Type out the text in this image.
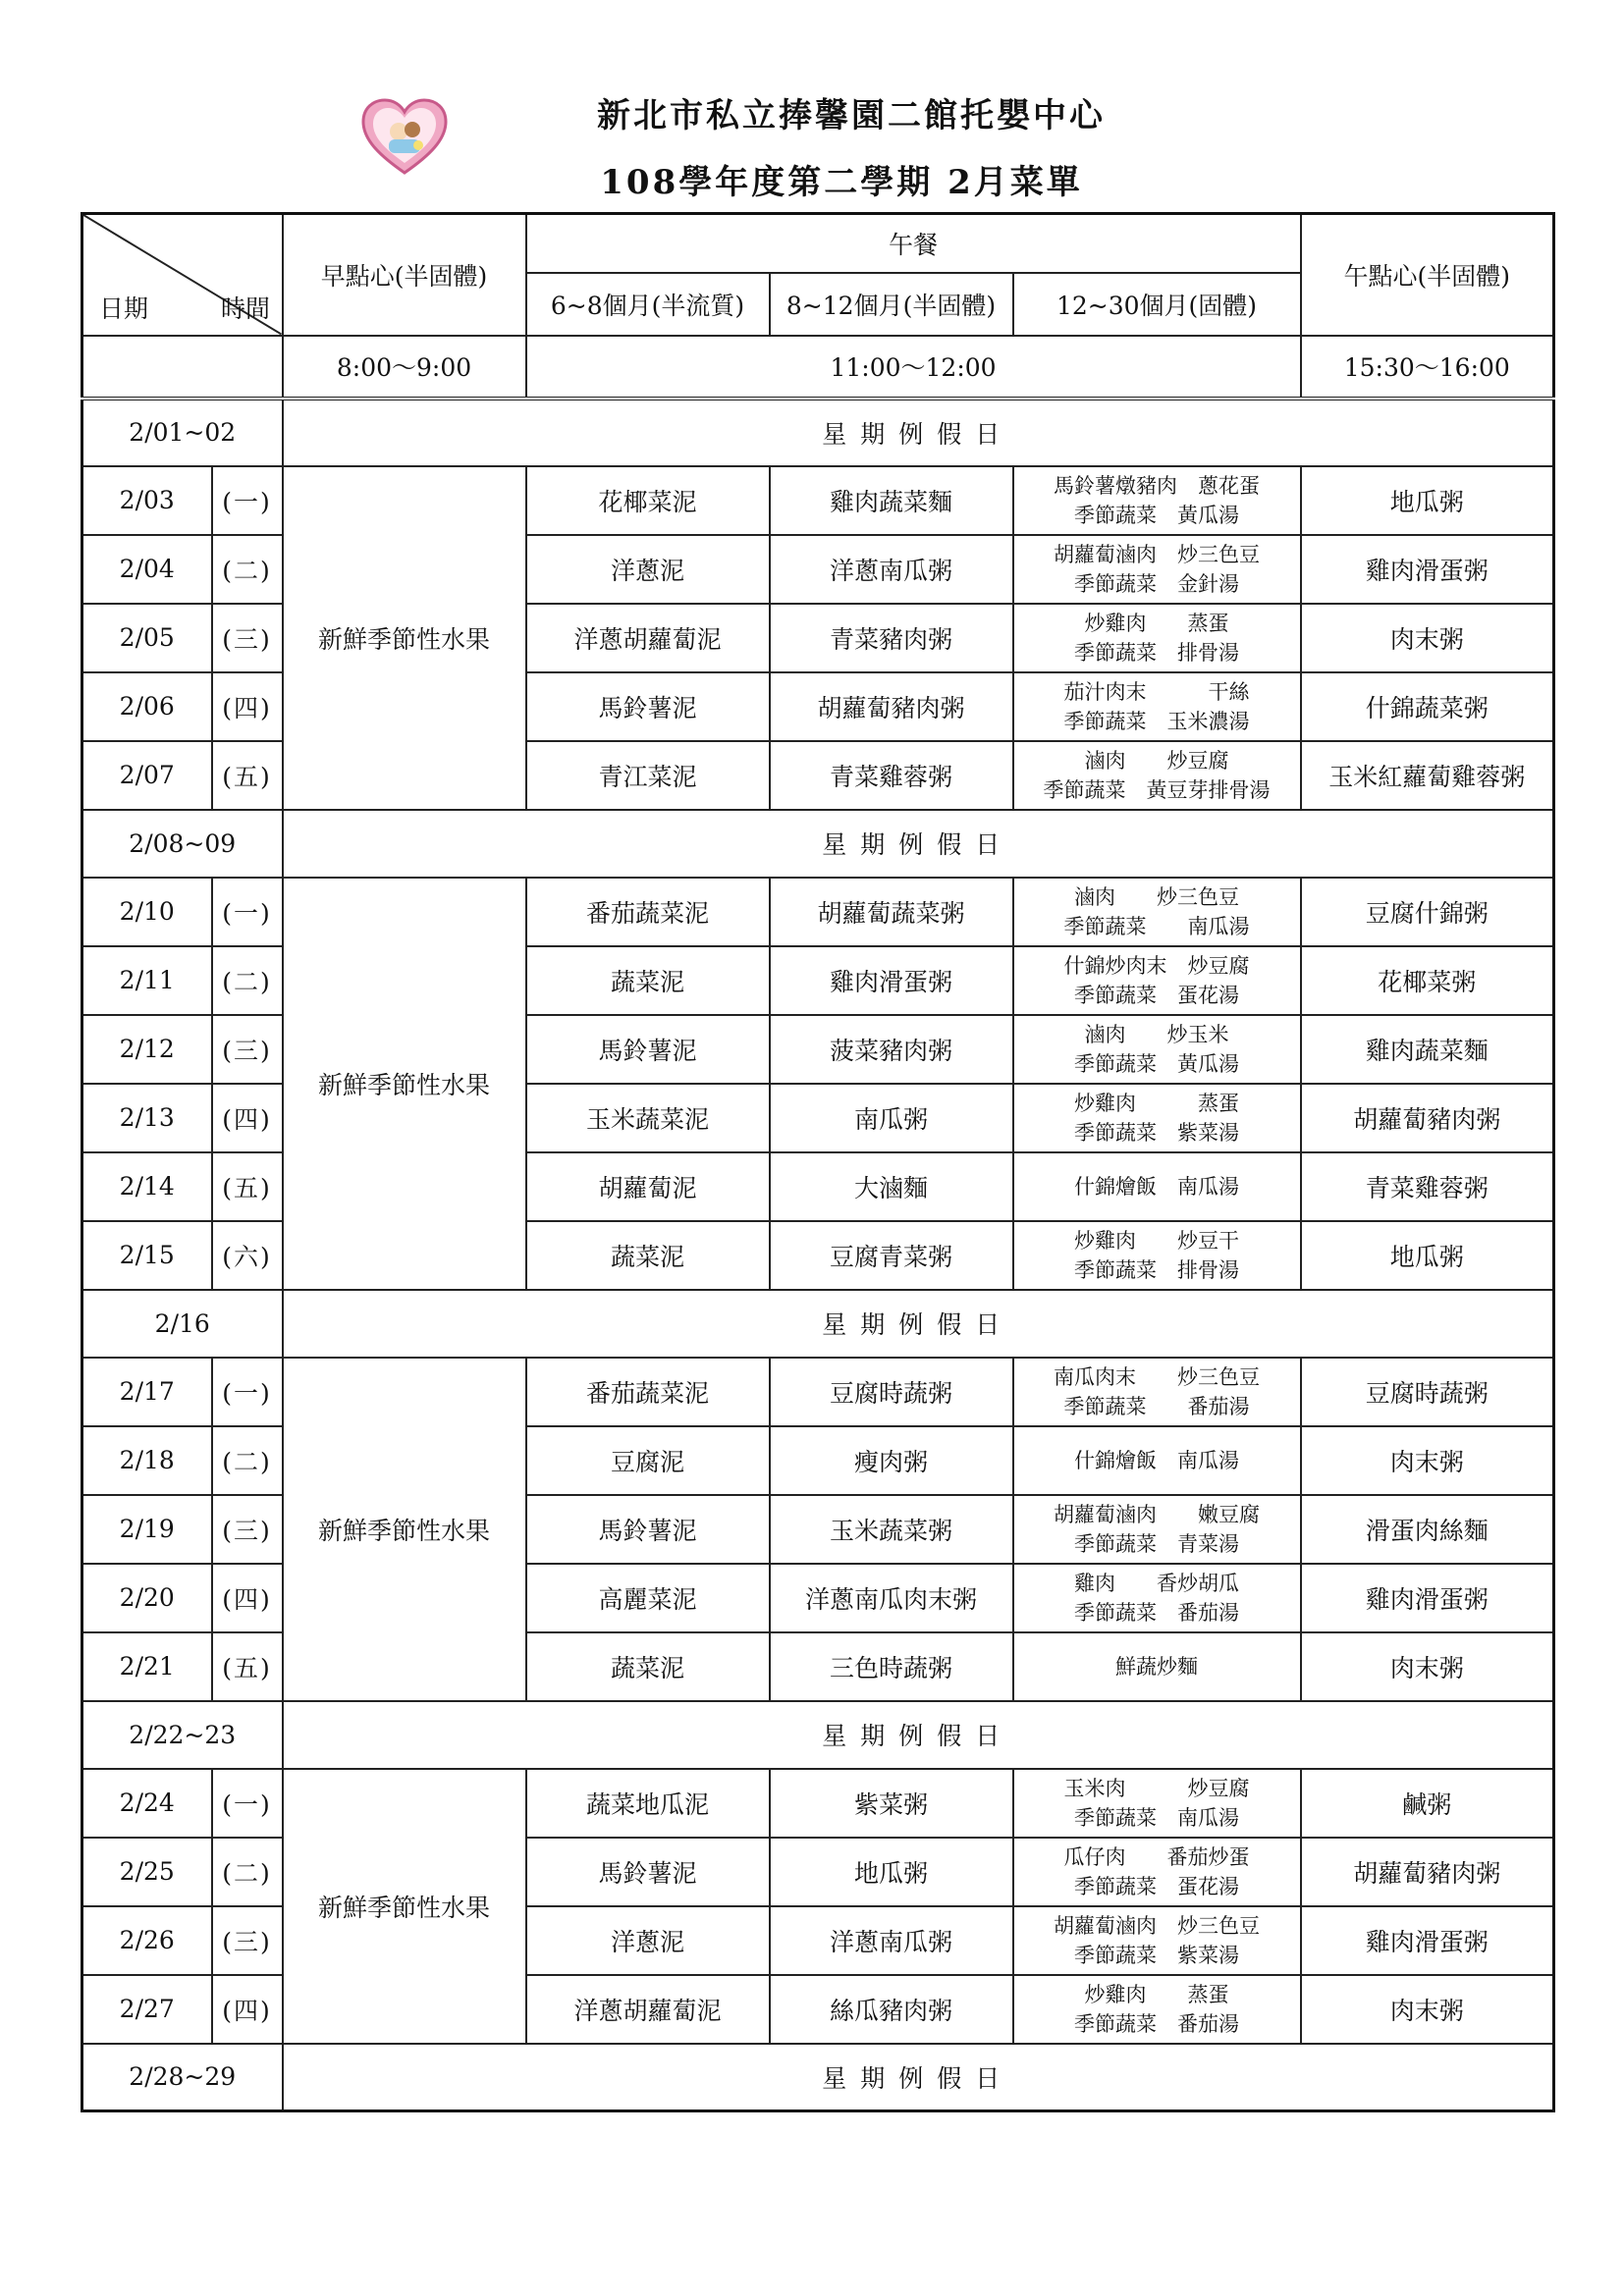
新北市私立捧馨園二館托嬰中心
108學年度第二學期 2月菜單
日期 時間		早點心(半固體)	午餐			午點心(半固體)
			6~8個月(半流質)	8~12個月(半固體)	12~30個月(固體)	
		8:00～9:00	11:00～12:00			15:30～16:00
2/01~02		星期例假日				
2/03	(一)	新鮮季節性水果	花椰菜泥	雞肉蔬菜麵	馬鈴薯燉豬肉　蔥花蛋
季節蔬菜　黃瓜湯	地瓜粥
2/04	(二)		洋蔥泥	洋蔥南瓜粥	胡蘿蔔滷肉　炒三色豆
季節蔬菜　金針湯	雞肉滑蛋粥
2/05	(三)		洋蔥胡蘿蔔泥	青菜豬肉粥	炒雞肉　　蒸蛋
季節蔬菜　排骨湯	肉末粥
2/06	(四)		馬鈴薯泥	胡蘿蔔豬肉粥	茄汁肉末　　　干絲
季節蔬菜　玉米濃湯	什錦蔬菜粥
2/07	(五)		青江菜泥	青菜雞蓉粥	滷肉　　炒豆腐
季節蔬菜　黃豆芽排骨湯	玉米紅蘿蔔雞蓉粥
2/08~09		星期例假日				
2/10	(一)	新鮮季節性水果	番茄蔬菜泥	胡蘿蔔蔬菜粥	滷肉　　炒三色豆
季節蔬菜　　南瓜湯	豆腐什錦粥
2/11	(二)		蔬菜泥	雞肉滑蛋粥	什錦炒肉末　炒豆腐
季節蔬菜　蛋花湯	花椰菜粥
2/12	(三)		馬鈴薯泥	菠菜豬肉粥	滷肉　　炒玉米
季節蔬菜　黃瓜湯	雞肉蔬菜麵
2/13	(四)		玉米蔬菜泥	南瓜粥	炒雞肉　　　蒸蛋
季節蔬菜　紫菜湯	胡蘿蔔豬肉粥
2/14	(五)		胡蘿蔔泥	大滷麵	什錦燴飯　南瓜湯	青菜雞蓉粥
2/15	(六)		蔬菜泥	豆腐青菜粥	炒雞肉　　炒豆干
季節蔬菜　排骨湯	地瓜粥
2/16		星期例假日				
2/17	(一)	新鮮季節性水果	番茄蔬菜泥	豆腐時蔬粥	南瓜肉末　　炒三色豆
季節蔬菜　　番茄湯	豆腐時蔬粥
2/18	(二)		豆腐泥	瘦肉粥	什錦燴飯　南瓜湯	肉末粥
2/19	(三)		馬鈴薯泥	玉米蔬菜粥	胡蘿蔔滷肉　　嫩豆腐
季節蔬菜　青菜湯	滑蛋肉絲麵
2/20	(四)		高麗菜泥	洋蔥南瓜肉末粥	雞肉　　香炒胡瓜
季節蔬菜　番茄湯	雞肉滑蛋粥
2/21	(五)		蔬菜泥	三色時蔬粥	鮮蔬炒麵	肉末粥
2/22~23		星期例假日				
2/24	(一)	新鮮季節性水果	蔬菜地瓜泥	紫菜粥	玉米肉　　　炒豆腐
季節蔬菜　南瓜湯	鹹粥
2/25	(二)		馬鈴薯泥	地瓜粥	瓜仔肉　　番茄炒蛋
季節蔬菜　蛋花湯	胡蘿蔔豬肉粥
2/26	(三)		洋蔥泥	洋蔥南瓜粥	胡蘿蔔滷肉　炒三色豆
季節蔬菜　紫菜湯	雞肉滑蛋粥
2/27	(四)		洋蔥胡蘿蔔泥	絲瓜豬肉粥	炒雞肉　　蒸蛋
季節蔬菜　番茄湯	肉末粥
2/28~29		星期例假日				
